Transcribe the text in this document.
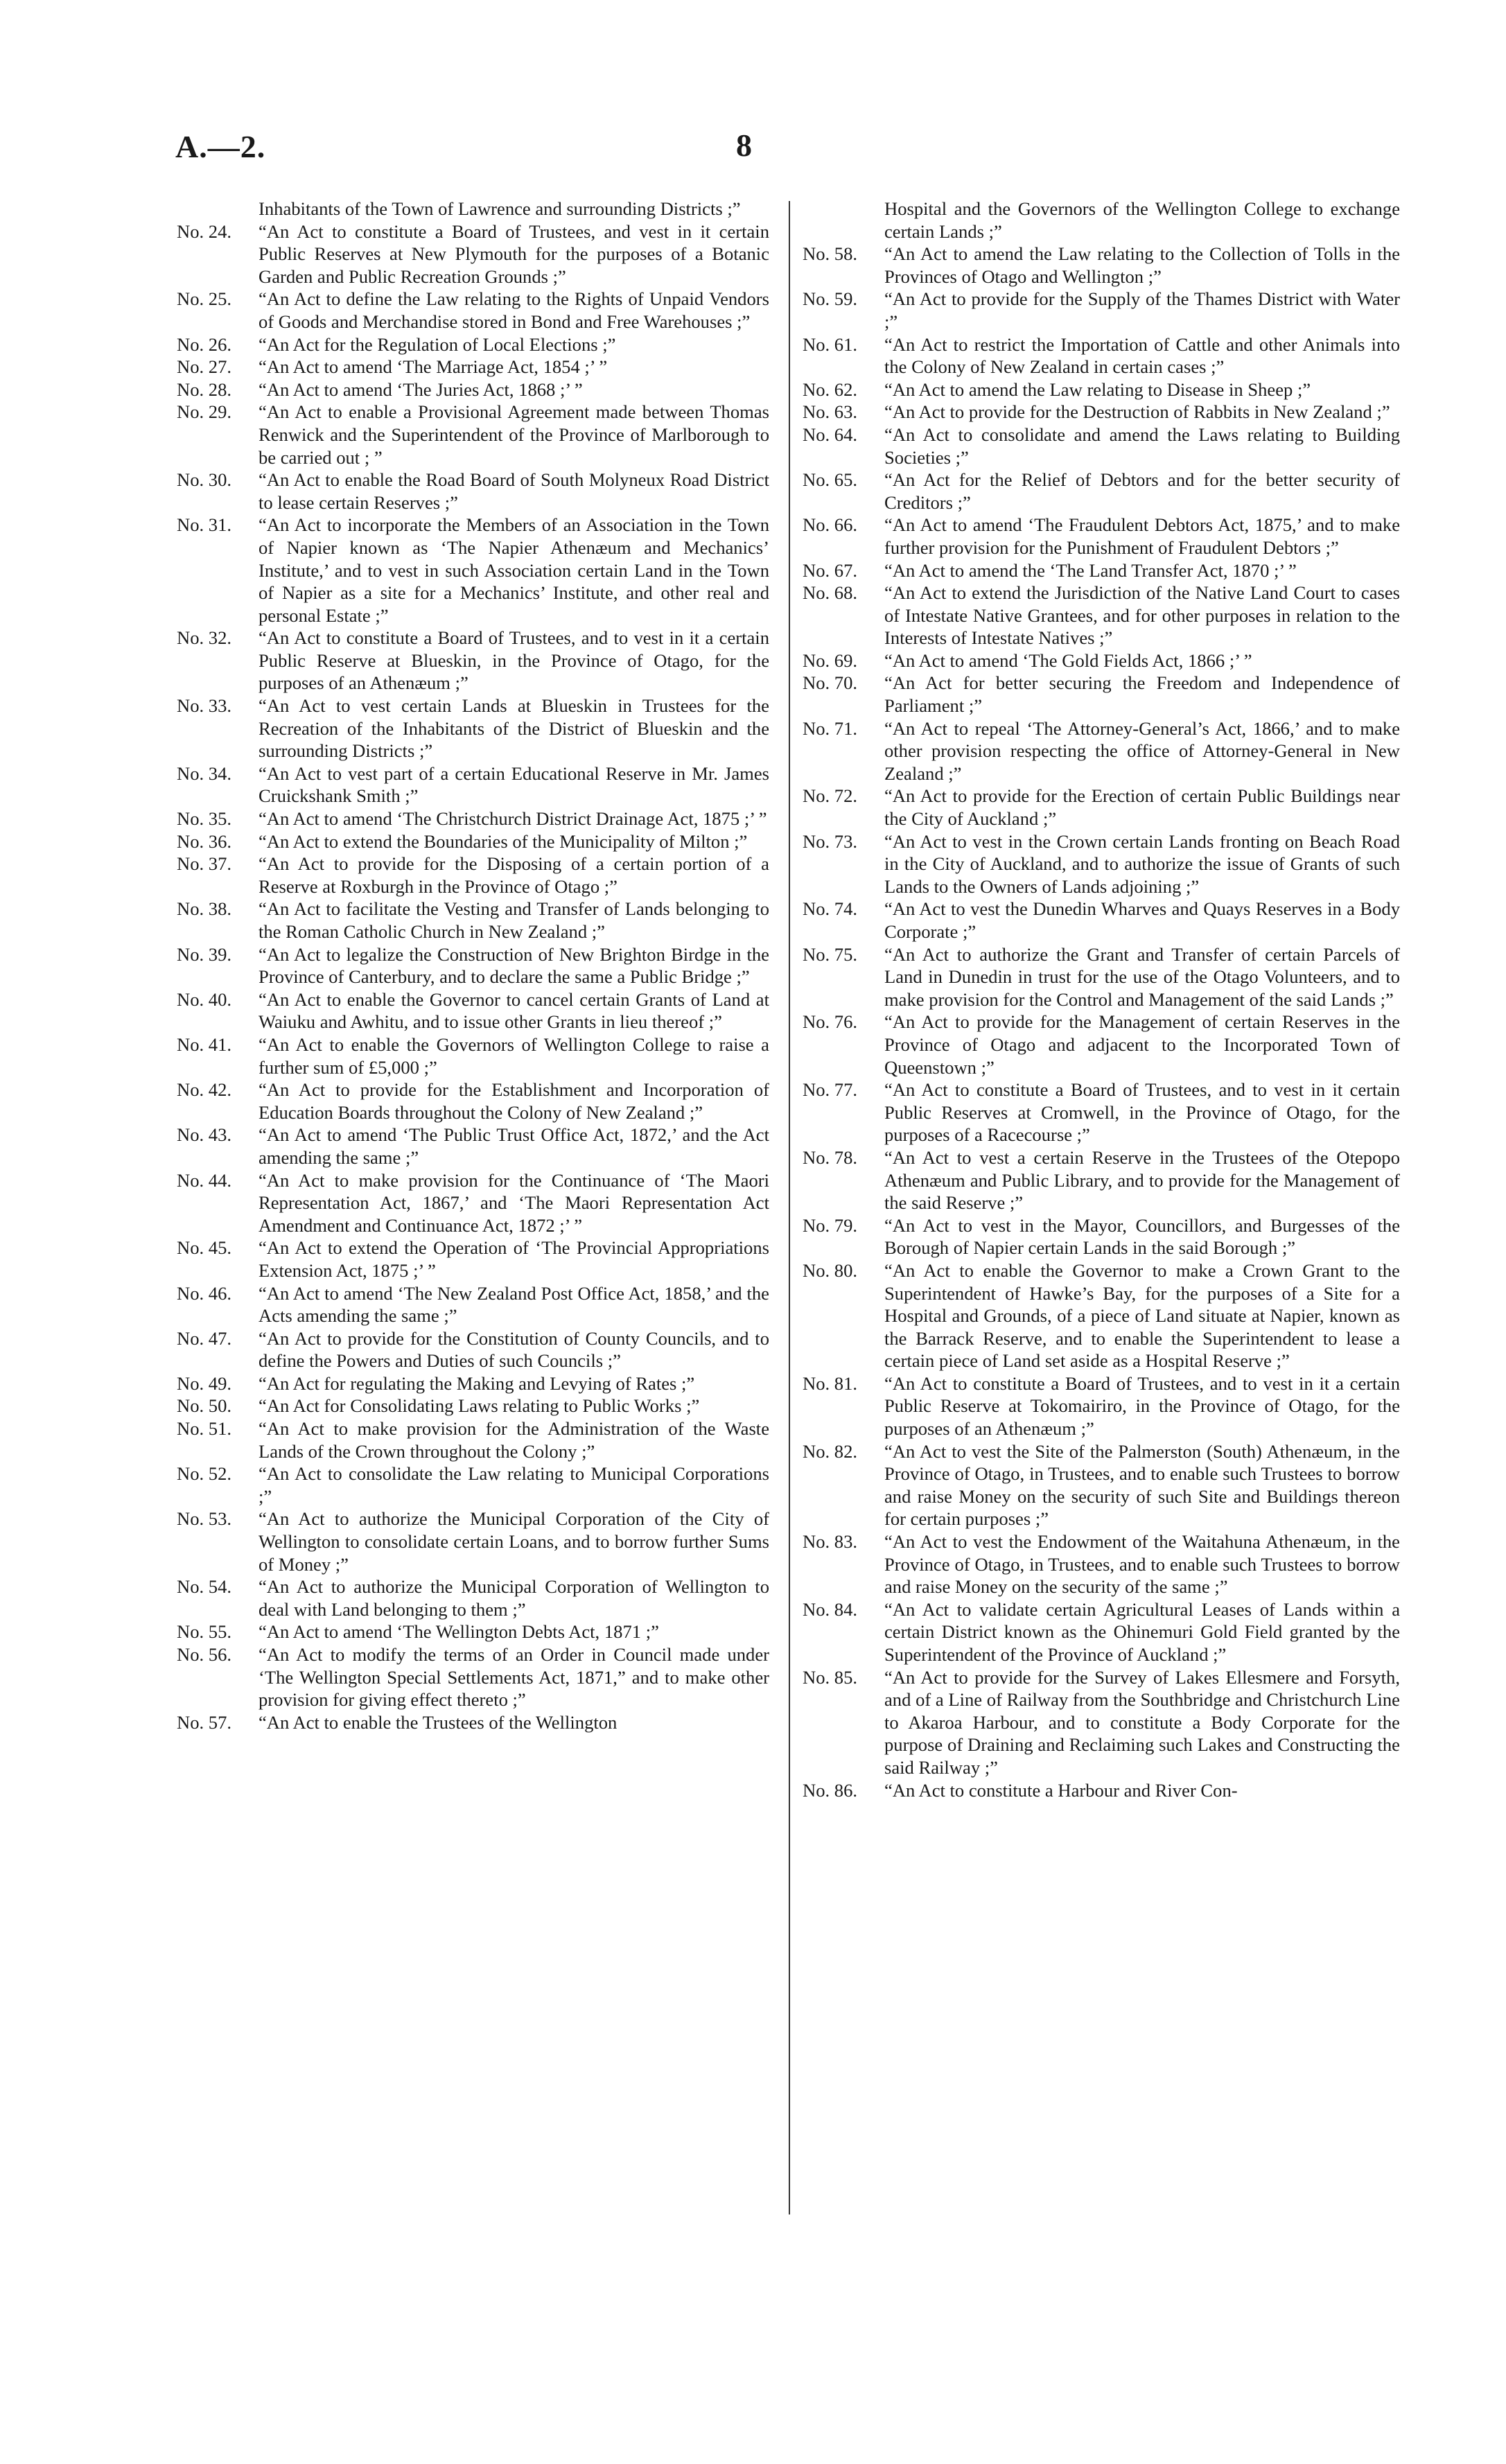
A.—2.	8
Inhabitants of the Town of Lawrence and surrounding Districts ;”
No. 24.	“An Act to constitute a Board of Trustees, and vest in it certain Public Reserves at New Plymouth for the purposes of a Botanic Garden and Public Recreation Grounds ;”
No. 25.	“An Act to define the Law relating to the Rights of Unpaid Vendors of Goods and Merchandise stored in Bond and Free Warehouses ;”
No. 26.	“An Act for the Regulation of Local Elections ;”
No. 27.	“An Act to amend ‘The Marriage Act, 1854 ;’ ”
No. 28.	“An Act to amend ‘The Juries Act, 1868 ;’ ”
No. 29.	“An Act to enable a Provisional Agreement made between Thomas Renwick and the Superintendent of the Province of Marlborough to be carried out ; ”
No. 30.	“An Act to enable the Road Board of South Molyneux Road District to lease certain Reserves ;”
No. 31.	“An Act to incorporate the Members of an Association in the Town of Napier known as ‘The Napier Athenæum and Mechanics’ Institute,’ and to vest in such Association certain Land in the Town of Napier as a site for a Mechanics’ Institute, and other real and personal Estate ;”
No. 32.	“An Act to constitute a Board of Trustees, and to vest in it a certain Public Reserve at Blueskin, in the Province of Otago, for the purposes of an Athenæum ;”
No. 33.	“An Act to vest certain Lands at Blueskin in Trustees for the Recreation of the Inhabitants of the District of Blueskin and the surrounding Districts ;”
No. 34.	“An Act to vest part of a certain Educational Reserve in Mr. James Cruickshank Smith ;”
No. 35.	“An Act to amend ‘The Christchurch District Drainage Act, 1875 ;’ ”
No. 36.	“An Act to extend the Boundaries of the Municipality of Milton ;”
No. 37.	“An Act to provide for the Disposing of a certain portion of a Reserve at Roxburgh in the Province of Otago ;”
No. 38.	“An Act to facilitate the Vesting and Transfer of Lands belonging to the Roman Catholic Church in New Zealand ;”
No. 39.	“An Act to legalize the Construction of New Brighton Birdge in the Province of Canterbury, and to declare the same a Public Bridge ;”
No. 40.	“An Act to enable the Governor to cancel certain Grants of Land at Waiuku and Awhitu, and to issue other Grants in lieu thereof ;”
No. 41.	“An Act to enable the Governors of Wellington College to raise a further sum of £5,000 ;”
No. 42.	“An Act to provide for the Establishment and Incorporation of Education Boards throughout the Colony of New Zealand ;”
No. 43.	“An Act to amend ‘The Public Trust Office Act, 1872,’ and the Act amending the same ;”
No. 44.	“An Act to make provision for the Continuance of ‘The Maori Representation Act, 1867,’ and ‘The Maori Representation Act Amendment and Continuance Act, 1872 ;’ ”
No. 45.	“An Act to extend the Operation of ‘The Provincial Appropriations Extension Act, 1875 ;’ ”
No. 46.	“An Act to amend ‘The New Zealand Post Office Act, 1858,’ and the Acts amending the same ;”
No. 47.	“An Act to provide for the Constitution of County Councils, and to define the Powers and Duties of such Councils ;”
No. 49.	“An Act for regulating the Making and Levying of Rates ;”
No. 50.	“An Act for Consolidating Laws relating to Public Works ;”
No. 51.	“An Act to make provision for the Administration of the Waste Lands of the Crown throughout the Colony ;”
No. 52.	“An Act to consolidate the Law relating to Municipal Corporations ;”
No. 53.	“An Act to authorize the Municipal Corporation of the City of Wellington to consolidate certain Loans, and to borrow further Sums of Money ;”
No. 54.	“An Act to authorize the Municipal Corporation of Wellington to deal with Land belonging to them ;”
No. 55.	“An Act to amend ‘The Wellington Debts Act, 1871 ;”
No. 56.	“An Act to modify the terms of an Order in Council made under ‘The Wellington Special Settlements Act, 1871,” and to make other provision for giving effect thereto ;”
No. 57.	“An Act to enable the Trustees of the Wellington
Hospital and the Governors of the Wellington College to exchange certain Lands ;”
No. 58.	“An Act to amend the Law relating to the Collection of Tolls in the Provinces of Otago and Wellington ;”
No. 59.	“An Act to provide for the Supply of the Thames District with Water ;”
No. 61.	“An Act to restrict the Importation of Cattle and other Animals into the Colony of New Zealand in certain cases ;”
No. 62.	“An Act to amend the Law relating to Disease in Sheep ;”
No. 63.	“An Act to provide for the Destruction of Rabbits in New Zealand ;”
No. 64.	“An Act to consolidate and amend the Laws relating to Building Societies ;”
No. 65.	“An Act for the Relief of Debtors and for the better security of Creditors ;”
No. 66.	“An Act to amend ‘The Fraudulent Debtors Act, 1875,’ and to make further provision for the Punishment of Fraudulent Debtors ;”
No. 67.	“An Act to amend the ‘The Land Transfer Act, 1870 ;’ ”
No. 68.	“An Act to extend the Jurisdiction of the Native Land Court to cases of Intestate Native Grantees, and for other purposes in relation to the Interests of Intestate Natives ;”
No. 69.	“An Act to amend ‘The Gold Fields Act, 1866 ;’ ”
No. 70.	“An Act for better securing the Freedom and Independence of Parliament ;”
No. 71.	“An Act to repeal ‘The Attorney-General’s Act, 1866,’ and to make other provision respecting the office of Attorney-General in New Zealand ;”
No. 72.	“An Act to provide for the Erection of certain Public Buildings near the City of Auckland ;”
No. 73.	“An Act to vest in the Crown certain Lands fronting on Beach Road in the City of Auckland, and to authorize the issue of Grants of such Lands to the Owners of Lands adjoining ;”
No. 74.	“An Act to vest the Dunedin Wharves and Quays Reserves in a Body Corporate ;”
No. 75.	“An Act to authorize the Grant and Transfer of certain Parcels of Land in Dunedin in trust for the use of the Otago Volunteers, and to make provision for the Control and Management of the said Lands ;”
No. 76.	“An Act to provide for the Management of certain Reserves in the Province of Otago and adjacent to the Incorporated Town of Queenstown ;”
No. 77.	“An Act to constitute a Board of Trustees, and to vest in it certain Public Reserves at Cromwell, in the Province of Otago, for the purposes of a Racecourse ;”
No. 78.	“An Act to vest a certain Reserve in the Trustees of the Otepopo Athenæum and Public Library, and to provide for the Management of the said Reserve ;”
No. 79.	“An Act to vest in the Mayor, Councillors, and Burgesses of the Borough of Napier certain Lands in the said Borough ;”
No. 80.	“An Act to enable the Governor to make a Crown Grant to the Superintendent of Hawke’s Bay, for the purposes of a Site for a Hospital and Grounds, of a piece of Land situate at Napier, known as the Barrack Reserve, and to enable the Superintendent to lease a certain piece of Land set aside as a Hospital Reserve ;”
No. 81.	“An Act to constitute a Board of Trustees, and to vest in it a certain Public Reserve at Tokomairiro, in the Province of Otago, for the purposes of an Athenæum ;”
No. 82.	“An Act to vest the Site of the Palmerston (South) Athenæum, in the Province of Otago, in Trustees, and to enable such Trustees to borrow and raise Money on the security of such Site and Buildings thereon for certain purposes ;”
No. 83.	“An Act to vest the Endowment of the Waitahuna Athenæum, in the Province of Otago, in Trustees, and to enable such Trustees to borrow and raise Money on the security of the same ;”
No. 84.	“An Act to validate certain Agricultural Leases of Lands within a certain District known as the Ohinemuri Gold Field granted by the Superintendent of the Province of Auckland ;”
No. 85.	“An Act to provide for the Survey of Lakes Ellesmere and Forsyth, and of a Line of Railway from the Southbridge and Christchurch Line to Akaroa Harbour, and to constitute a Body Corporate for the purpose of Draining and Reclaiming such Lakes and Constructing the said Railway ;”
No. 86.	“An Act to constitute a Harbour and River Con-
